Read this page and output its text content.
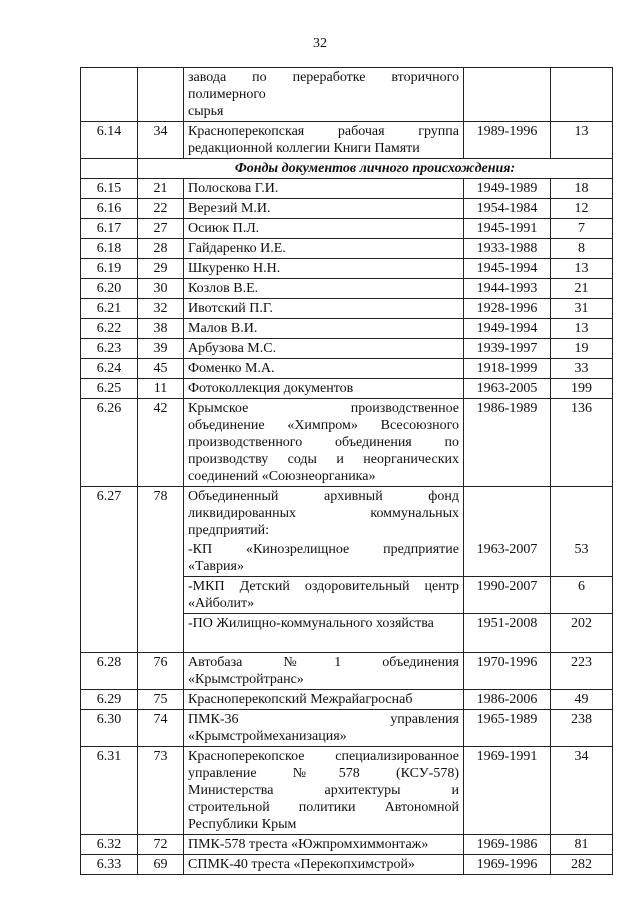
32

		завода по переработке вторичного полимерного
сырья		

6.14	34	Красноперекопская рабочая группа
редакционной коллегии Книги Памяти	1989-1996	13
	Фонды документов личного происхождения:			
6.15	21	Полоскова Г.И.	1949-1989	18
6.16	22	Верезий М.И.	1954-1984	12
6.17	27	Осиюк П.Л.	1945-1991	7
6.18	28	Гайдаренко И.Е.	1933-1988	8
6.19	29	Шкуренко Н.Н.	1945-1994	13
6.20	30	Козлов В.Е.	1944-1993	21
6.21	32	Ивотский П.Г.	1928-1996	31
6.22	38	Малов В.И.	1949-1994	13
6.23	39	Арбузова М.С.	1939-1997	19
6.24	45	Фоменко М.А.	1918-1999	33
6.25	11	Фотоколлекция документов	1963-2005	199
6.26	42	Крымское производственное
объединение «Химпром» Всесоюзного
производственного объединения по
производству соды и неорганических
соединений «Союзнеорганика»	1986-1989	136
6.27	78	Объединенный архивный фонд
ликвидированных коммунальных
предприятий:		

		-КП «Кинозрелищное предприятие
«Таврия»	1963-2007	53

		-МКП Детский оздоровительный центр
«Айболит»	1990-2007	6

		-ПО Жилищно-коммунального хозяйства	1951-2008	202
6.28	76	Автобаза №1 объединения
«Крымстройтранс»	1970-1996	223
6.29	75	Красноперекопский Межрайагроснаб	1986-2006	49
6.30	74	ПМК-36 управления
«Крымстроймеханизация»	1965-1989	238
6.31	73	Красноперекопское специализированное
управление №578 (КСУ-578)
Министерства архитектуры и
строительной политики Автономной
Республики Крым	1969-1991	34
6.32	72	ПМК-578 треста «Южпромхиммонтаж»	1969-1986	81
6.33	69	СПМК-40 треста «Перекопхимстрой»	1969-1996	282
